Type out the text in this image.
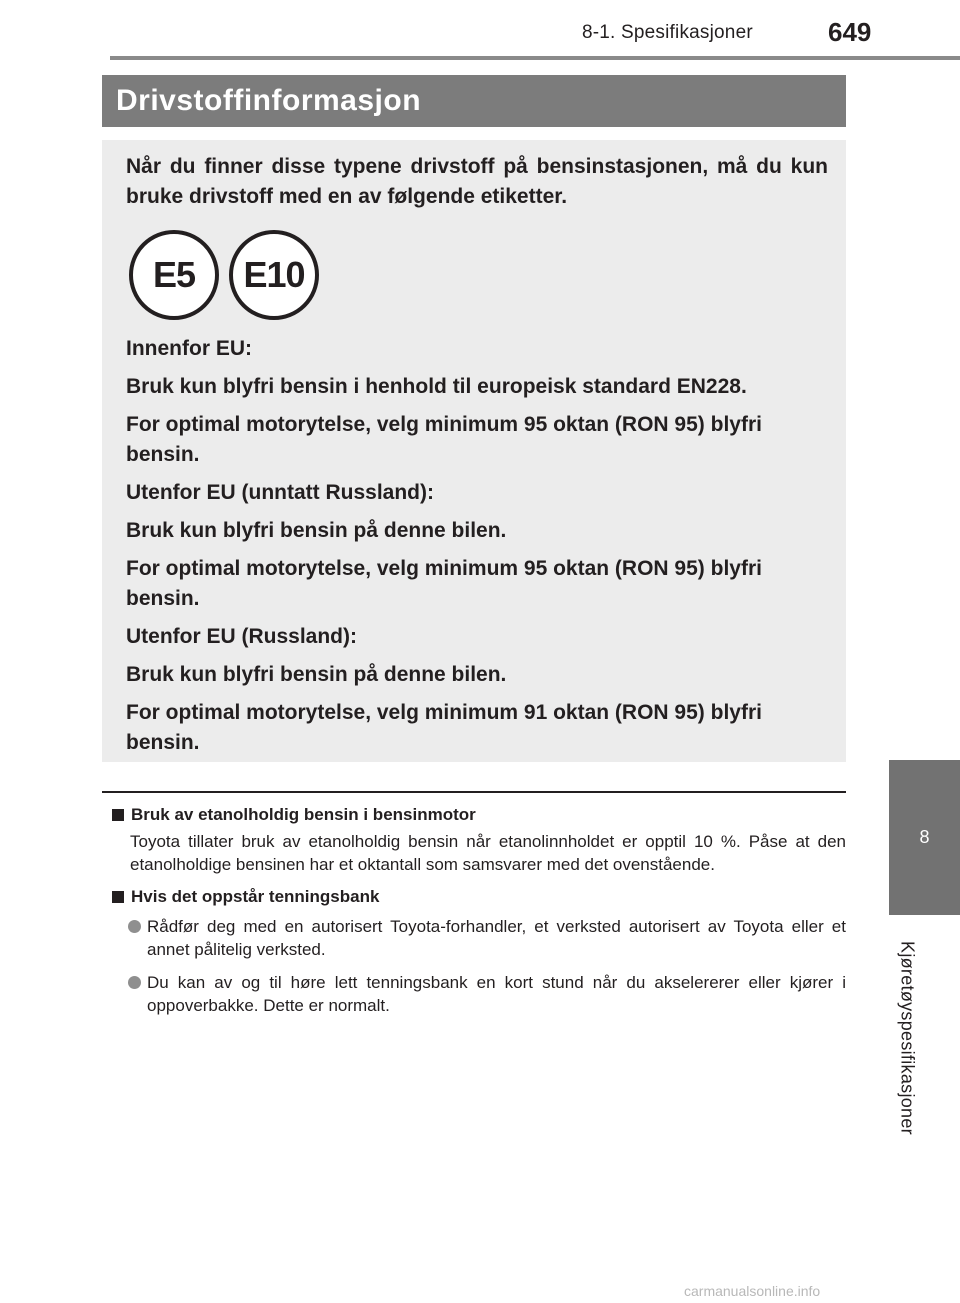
8-1. Spesifikasjoner	649
8
Kjøretøyspesifikasjoner
Drivstoffinformasjon

Når du finner disse typene drivstoff på bensinstasjonen, må du kun bruke drivstoff med en av følgende etiketter.

E5	E10

Innenfor EU:

Bruk kun blyfri bensin i henhold til europeisk standard EN228.

For optimal motorytelse, velg minimum 95 oktan (RON 95) blyfri bensin.

Utenfor EU (unntatt Russland):

Bruk kun blyfri bensin på denne bilen.

For optimal motorytelse, velg minimum 95 oktan (RON 95) blyfri bensin.

Utenfor EU (Russland):

Bruk kun blyfri bensin på denne bilen.

For optimal motorytelse, velg minimum 91 oktan (RON 95) blyfri bensin.

Bruk av etanolholdig bensin i bensinmotor
Toyota tillater bruk av etanolholdig bensin når etanolinnholdet er opptil 10 %. Påse at den etanolholdige bensinen har et oktantall som samsvarer med det ovenstående.
Hvis det oppstår tenningsbank
Rådfør deg med en autorisert Toyota-forhandler, et verksted autorisert av Toyota eller et annet pålitelig verksted.
Du kan av og til høre lett tenningsbank en kort stund når du akselererer eller kjører i oppoverbakke. Dette er normalt.
carmanualsonline.info
